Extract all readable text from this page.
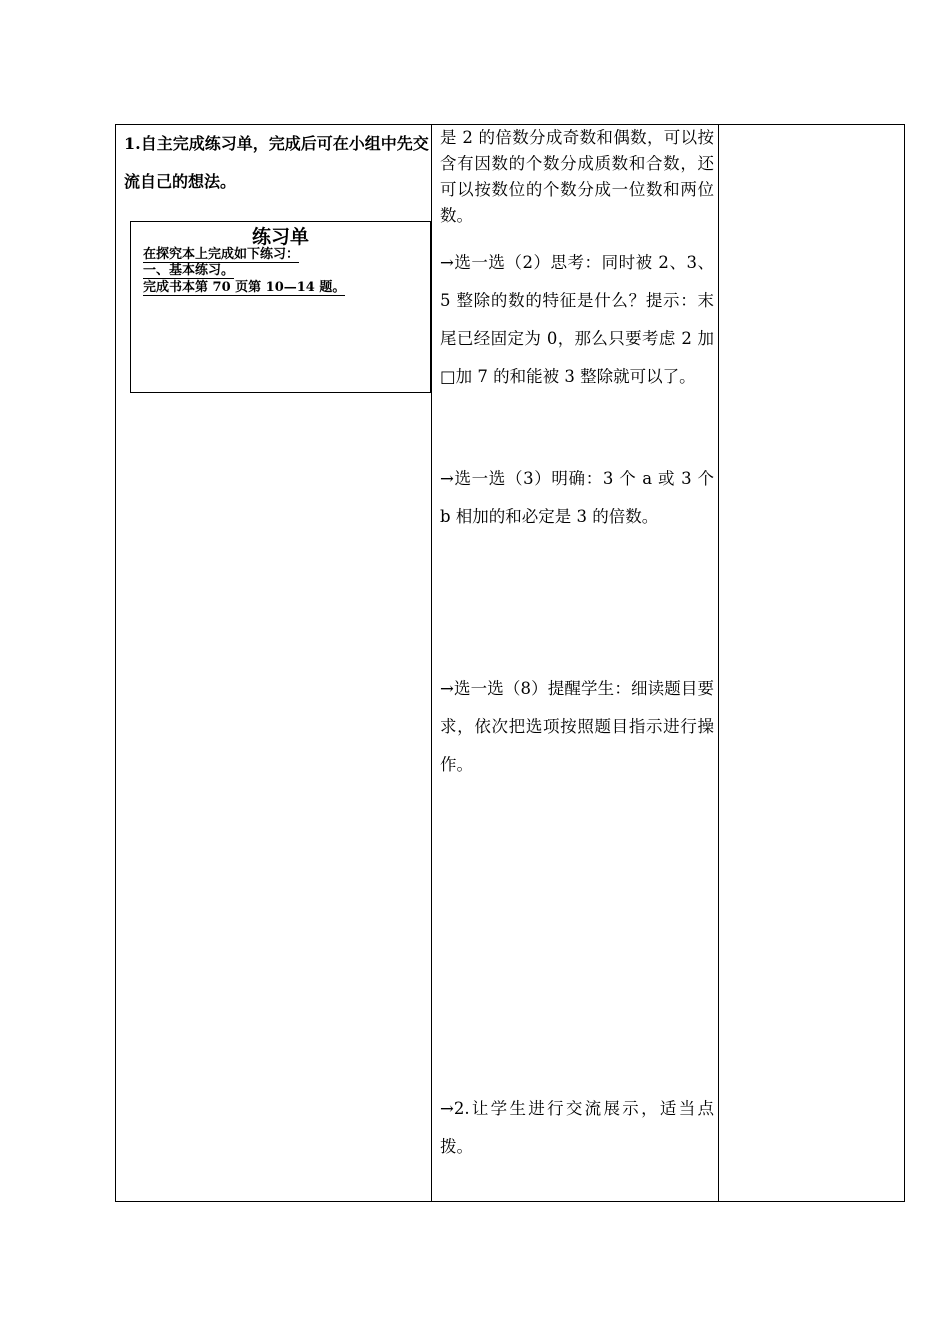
1.自主完成练习单，完成后可在小组中先交流自己的想法。

练习单
在探究本上完成如下练习：
一、基本练习。
完成书本第 70 页第 10—14 题。

是 2 的倍数分成奇数和偶数，可以按含有因数的个数分成质数和合数，还可以按数位的个数分成一位数和两位数。

→选一选（2）思考：同时被 2、3、5 整除的数的特征是什么？提示：末尾已经固定为 0，那么只要考虑 2 加□加 7 的和能被 3 整除就可以了。

→选一选（3）明确：3 个 a 或 3 个 b 相加的和必定是 3 的倍数。

→选一选（8）提醒学生：细读题目要求，依次把选项按照题目指示进行操作。

→2.让学生进行交流展示，适当点拨。
